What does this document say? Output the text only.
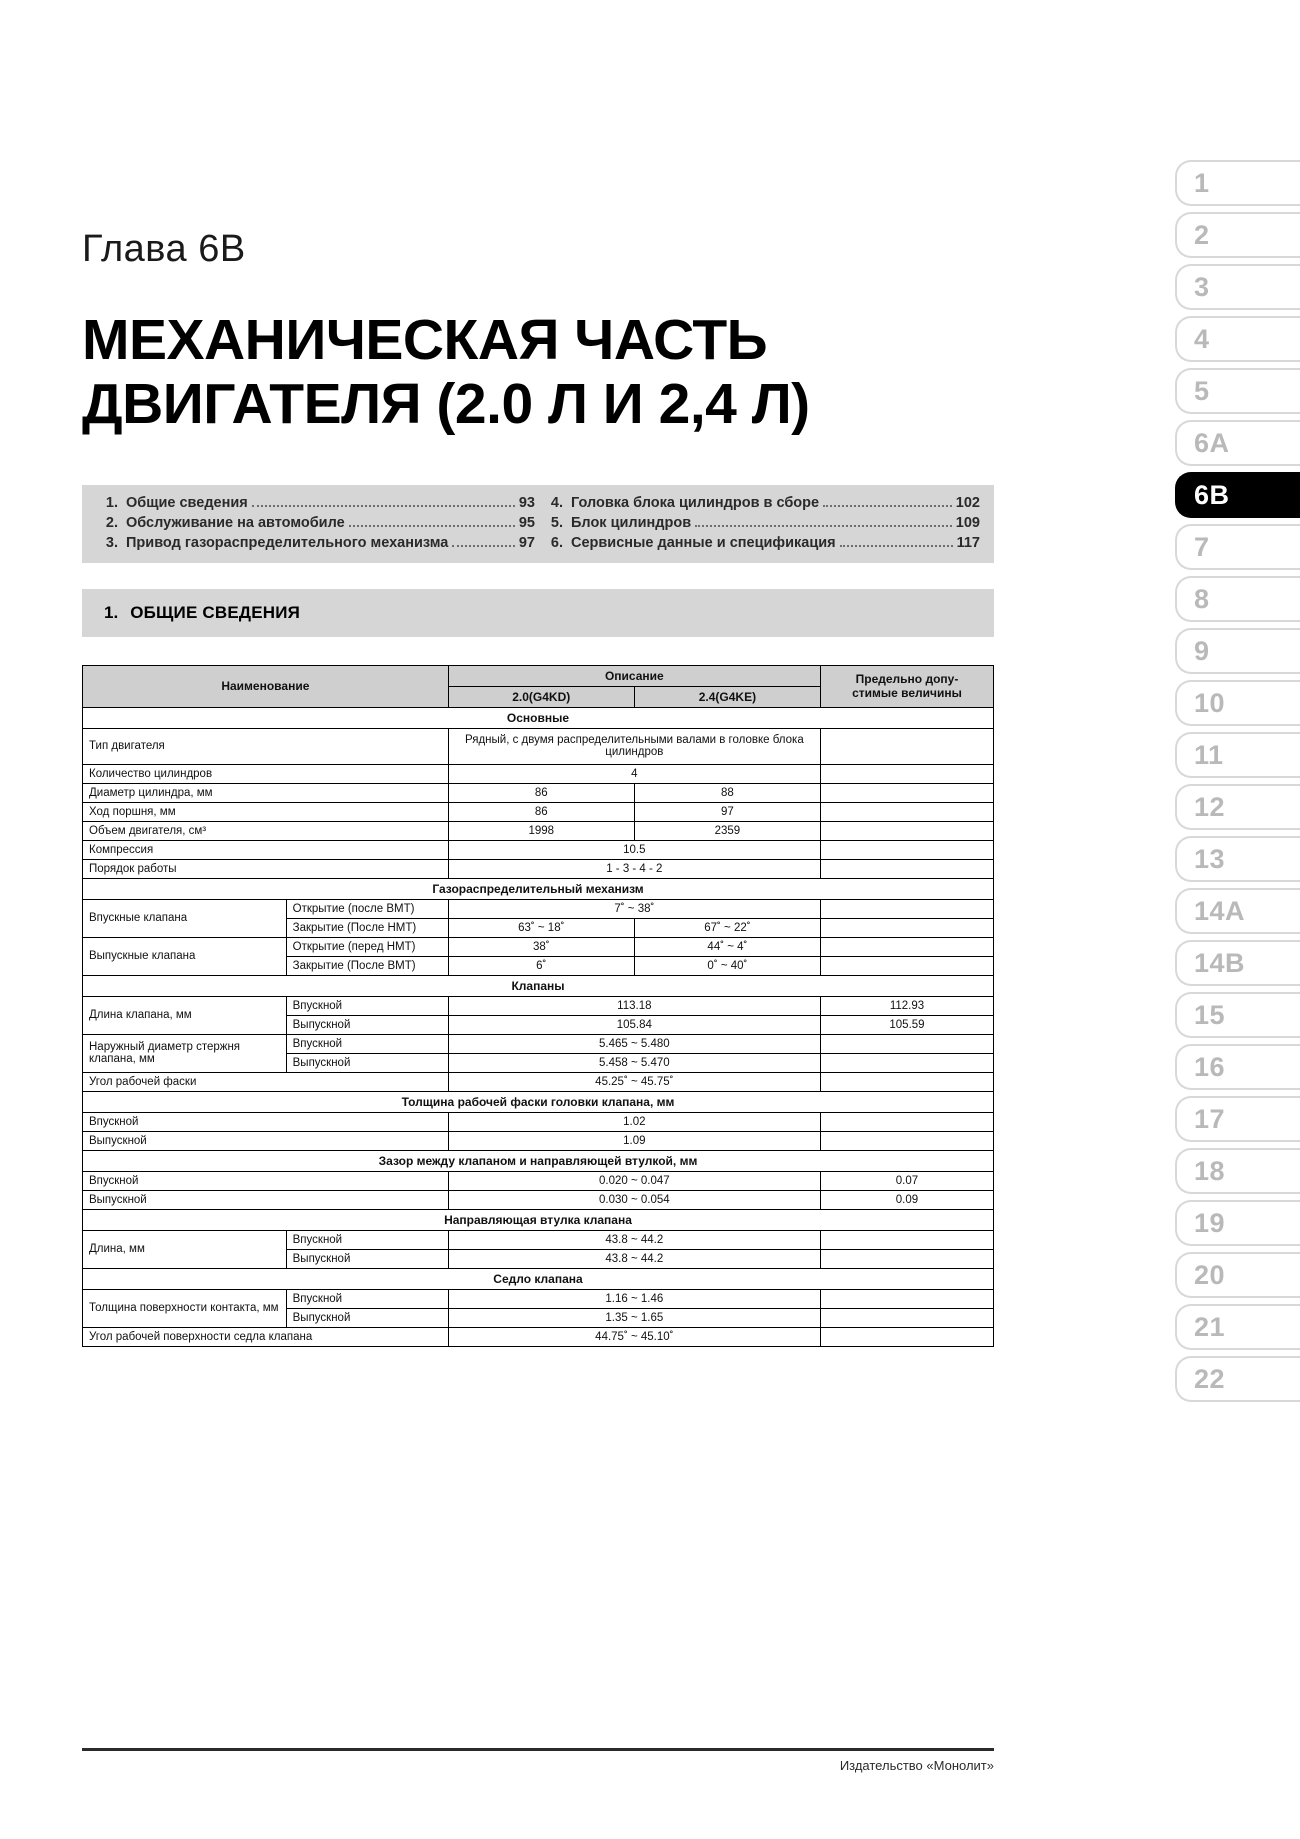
1
2
3
4
5
6А
6В
7
8
9
10
11
12
13
14А
14В
15
16
17
18
19
20
21
22
Глава 6В
МЕХАНИЧЕСКАЯ ЧАСТЬ
ДВИГАТЕЛЯ (2.0 Л И 2,4 Л)
1. Общие сведения	93
2. Обслуживание на автомобиле	95
3. Привод газораспределительного механизма	97
4. Головка блока цилиндров в сборе	102
5. Блок цилиндров	109
6. Сервисные данные и спецификация	117
1. ОБЩИЕ СВЕДЕНИЯ
Наименование		Описание		Предельно допу-
стимые величины
		2.0(G4KD)	2.4(G4KE)	
Основные				
Тип двигателя		Рядный, с двумя распределительными валами в головке блока цилиндров		
Количество цилиндров		4		
Диаметр цилиндра, мм		86	88	
Ход поршня, мм		86	97	
Объем двигателя, см³		1998	2359	
Компрессия		10.5		
Порядок работы		1 - 3 - 4 - 2		
Газораспределительный механизм				
Впускные клапана	Открытие (после ВМТ)	7˚ ~ 38˚		
	Закрытие (После НМТ)	63˚ ~ 18˚	67˚ ~ 22˚	
Выпускные клапана	Открытие (перед НМТ)	38˚	44˚ ~ 4˚	
	Закрытие (После ВМТ)	6˚	0˚ ~ 40˚	
Клапаны				
Длина клапана, мм	Впускной	113.18		112.93
	Выпускной	105.84		105.59
Наружный диаметр стержня клапана, мм	Впускной	5.465 ~ 5.480		
	Выпускной	5.458 ~ 5.470		
Угол рабочей фаски		45.25˚ ~ 45.75˚		
Толщина рабочей фаски головки клапана, мм				
Впускной		1.02		
Выпускной		1.09		
Зазор между клапаном и направляющей втулкой, мм				
Впускной		0.020 ~ 0.047		0.07
Выпускной		0.030 ~ 0.054		0.09
Направляющая втулка клапана				
Длина, мм	Впускной	43.8 ~ 44.2		
	Выпускной	43.8 ~ 44.2		
Седло клапана				
Толщина поверхности контакта, мм	Впускной	1.16 ~ 1.46		
	Выпускной	1.35 ~ 1.65		
Угол рабочей поверхности седла клапана		44.75˚ ~ 45.10˚		
Издательство «Монолит»
